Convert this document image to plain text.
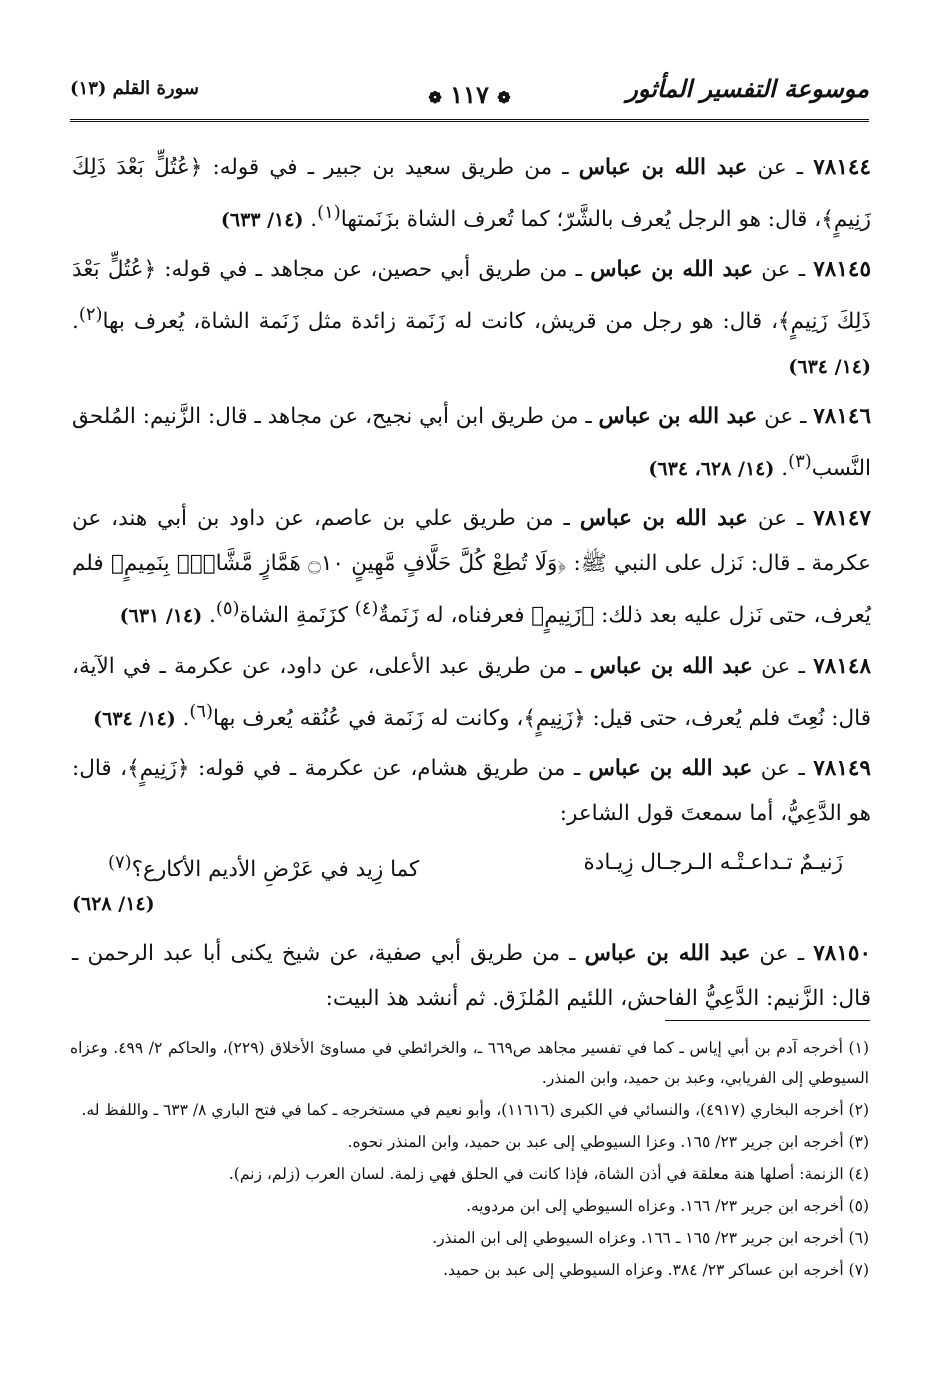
موسوعة التفسير المأثور
❁ ١١٧ ❁
سورة القلم (١٣)

٧٨١٤٤ ـ عن عبد الله بن عباس ـ من طريق سعيد بن جبير ـ في قوله: ﴿عُتُلٍّ بَعْدَ ذَلِكَ زَنِيمٍ﴾، قال: هو الرجل يُعرف بالشَّرّ؛ كما تُعرف الشاة بزَنَمتها$^{(١)}$. (١٤/ ٦٣٣)

٧٨١٤٥ ـ عن عبد الله بن عباس ـ من طريق أبي حصين، عن مجاهد ـ في قوله: ﴿عُتُلٍّ بَعْدَ ذَلِكَ زَنِيمٍ﴾، قال: هو رجل من قريش، كانت له زَنَمة زائدة مثل زَنَمة الشاة، يُعرف بها$^{(٢)}$. (١٤/ ٦٣٤)

٧٨١٤٦ ـ عن عبد الله بن عباس ـ من طريق ابن أبي نجيح، عن مجاهد ـ قال: الزَّنيم: المُلحق النَّسب$^{(٣)}$. (١٤/ ٦٢٨، ٦٣٤)

٧٨١٤٧ ـ عن عبد الله بن عباس ـ من طريق علي بن عاصم، عن داود بن أبي هند، عن عكرمة ـ قال: نَزل على النبي ﷺ: ﴿وَلَا تُطِعْ كُلَّ حَلَّافٍ مَّهِينٍ ۝١٠ هَمَّازٍ مَّشَّاءٍۭ بِنَمِيمٍ﴾ فلم يُعرف، حتى نَزل عليه بعد ذلك: ﴿زَنِيمٍ﴾ فعرفناه، له زَنَمةٌ$^{(٤)}$ كزَنَمةِ الشاة$^{(٥)}$. (١٤/ ٦٣١)

٧٨١٤٨ ـ عن عبد الله بن عباس ـ من طريق عبد الأعلى، عن داود، عن عكرمة ـ في الآية، قال: نُعِتَ فلم يُعرف، حتى قيل: ﴿زَنِيمٍ﴾، وكانت له زَنَمة في عُنُقه يُعرف بها$^{(٦)}$. (١٤/ ٦٣٤)

٧٨١٤٩ ـ عن عبد الله بن عباس ـ من طريق هشام، عن عكرمة ـ في قوله: ﴿زَنِيمٍ﴾، قال: هو الدَّعِيُّ، أما سمعتَ قول الشاعر:

زَنيـمٌ تـداعـتْـه الـرجـال زِيـادة
كما زِيد في عَرْضِ الأديم الأكارع؟$^{(٧)}$
(١٤/ ٦٢٨)

٧٨١٥٠ ـ عن عبد الله بن عباس ـ من طريق أبي صفية، عن شيخ يكنى أبا عبد الرحمن ـ قال: الزَّنيم: الدَّعِيُّ الفاحش، اللئيم المُلزَق. ثم أنشد هذ البيت:

(١) أخرجه آدم بن أبي إياس ـ كما في تفسير مجاهد ص٦٦٩ ـ، والخرائطي في مساوئ الأخلاق (٢٢٩)، والحاكم ٢/ ٤٩٩. وعزاه السيوطي إلى الفريابي، وعبد بن حميد، وابن المنذر.
(٢) أخرجه البخاري (٤٩١٧)، والنسائي في الكبرى (١١٦١٦)، وأبو نعيم في مستخرجه ـ كما في فتح الباري ٨/ ٦٣٣ ـ واللفظ له.
(٣) أخرجه ابن جرير ٢٣/ ١٦٥. وعزا السيوطي إلى عبد بن حميد، وابن المنذر نحوه.
(٤) الزنمة: أصلها هنة معلقة في أذن الشاة، فإذا كانت في الحلق فهي زلمة. لسان العرب (زلم، زنم).
(٥) أخرجه ابن جرير ٢٣/ ١٦٦. وعزاه السيوطي إلى ابن مردويه.
(٦) أخرجه ابن جرير ٢٣/ ١٦٥ ـ ١٦٦. وعزاه السيوطي إلى ابن المنذر.
(٧) أخرجه ابن عساكر ٢٣/ ٣٨٤. وعزاه السيوطي إلى عبد بن حميد.
